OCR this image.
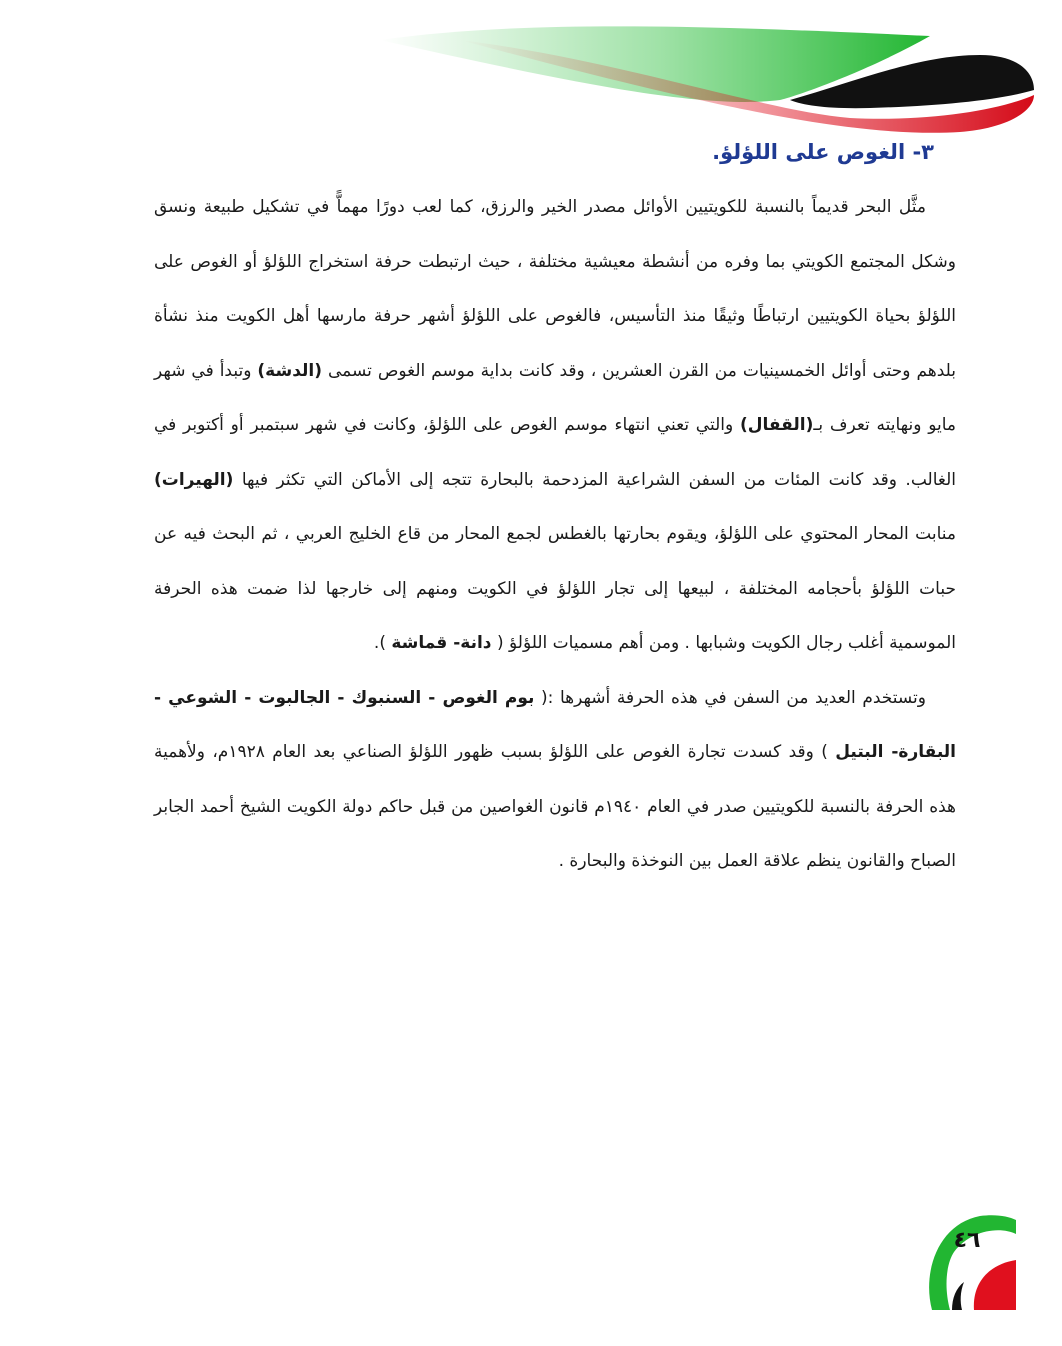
٣- الغوص على اللؤلؤ.

مثَّل البحر قديماً بالنسبة للكويتيين الأوائل مصدر الخير والرزق، كما لعب دورًا مهماًّ في تشكيل طبيعة ونسق وشكل المجتمع الكويتي بما وفره من أنشطة معيشية مختلفة ، حيث ارتبطت حرفة استخراج اللؤلؤ أو الغوص على اللؤلؤ بحياة الكويتيين ارتباطًا وثيقًا منذ التأسيس، فالغوص على اللؤلؤ أشهر حرفة مارسها أهل الكويت منذ نشأة بلدهم وحتى أوائل الخمسينيات من القرن العشرين ، وقد كانت بداية موسم الغوص تسمى (الدشة) وتبدأ في شهر مايو ونهايته تعرف بـ(القفال) والتي تعني انتهاء موسم الغوص على اللؤلؤ، وكانت في شهر سبتمبر أو أكتوبر في الغالب. وقد كانت المئات من السفن الشراعية المزدحمة بالبحارة تتجه إلى الأماكن التي تكثر فيها (الهيرات) منابت المحار المحتوي على اللؤلؤ، ويقوم بحارتها بالغطس لجمع المحار من قاع الخليج العربي ، ثم البحث فيه عن حبات اللؤلؤ بأحجامه المختلفة ، لبيعها إلى تجار اللؤلؤ في الكويت ومنهم إلى خارجها لذا ضمت هذه الحرفة الموسمية أغلب رجال الكويت وشبابها . ومن أهم مسميات اللؤلؤ ( دانة- قماشة ).

وتستخدم العديد من السفن في هذه الحرفة أشهرها :( بوم الغوص - السنبوك - الجالبوت - الشوعي - البقارة- البتيل ) وقد كسدت تجارة الغوص على اللؤلؤ بسبب ظهور اللؤلؤ الصناعي بعد العام ١٩٢٨م، ولأهمية هذه الحرفة بالنسبة للكويتيين صدر في العام ١٩٤٠م قانون الغواصين من قبل حاكم دولة الكويت الشيخ أحمد الجابر الصباح والقانون ينظم علاقة العمل بين النوخذة والبحارة .

٤٦
